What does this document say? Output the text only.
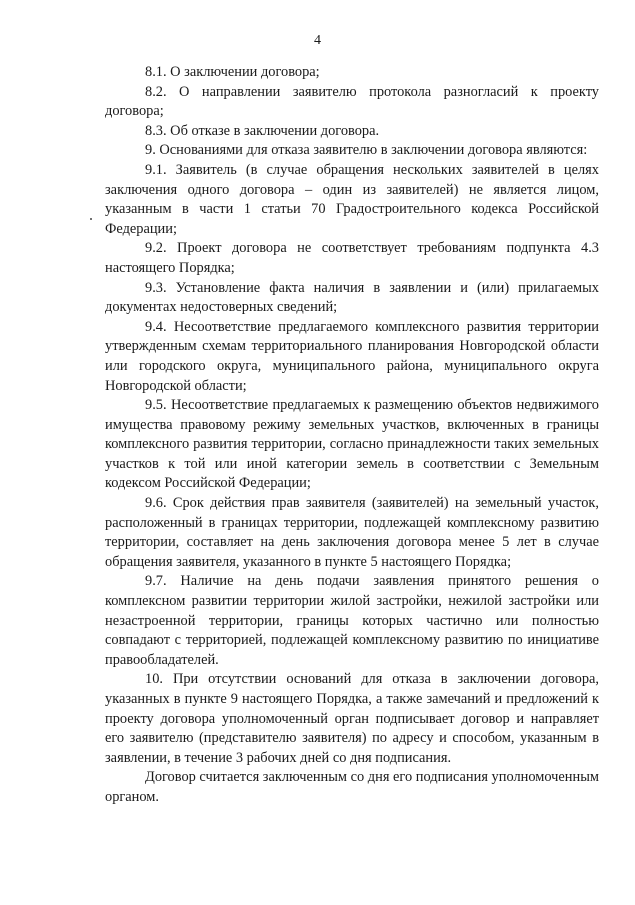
4

8.1. О заключении договора;

8.2. О направлении заявителю протокола разногласий к проекту договора;

8.3. Об отказе в заключении договора.

9. Основаниями для отказа заявителю в заключении договора являются:

9.1. Заявитель (в случае обращения нескольких заявителей в целях заключения одного договора – один из заявителей) не является лицом, указанным в части 1 статьи 70 Градостроительного кодекса Российской Федерации;

9.2. Проект договора не соответствует требованиям подпункта 4.3 настоящего Порядка;

9.3. Установление факта наличия в заявлении и (или) прилагаемых документах недостоверных сведений;

9.4. Несоответствие предлагаемого комплексного развития территории утвержденным схемам территориального планирования Новгородской области или городского округа, муниципального района, муниципального округа Новгородской области;

9.5. Несоответствие предлагаемых к размещению объектов недвижимого имущества правовому режиму земельных участков, включенных в границы комплексного развития территории, согласно принадлежности таких земельных участков к той или иной категории земель в соответствии с Земельным кодексом Российской Федерации;

9.6. Срок действия прав заявителя (заявителей) на земельный участок, расположенный в границах территории, подлежащей комплексному развитию территории, составляет на день заключения договора менее 5 лет в случае обращения заявителя, указанного в пункте 5 настоящего Порядка;

9.7. Наличие на день подачи заявления принятого решения о комплексном развитии территории жилой застройки, нежилой застройки или незастроенной территории, границы которых частично или полностью совпадают с территорией, подлежащей комплексному развитию по инициативе правообладателей.

10. При отсутствии оснований для отказа в заключении договора, указанных в пункте 9 настоящего Порядка, а также замечаний и предложений к проекту договора уполномоченный орган подписывает договор и направляет его заявителю (представителю заявителя) по адресу и способом, указанным в заявлении, в течение 3 рабочих дней со дня подписания.

Договор считается заключенным со дня его подписания уполномоченным органом.
